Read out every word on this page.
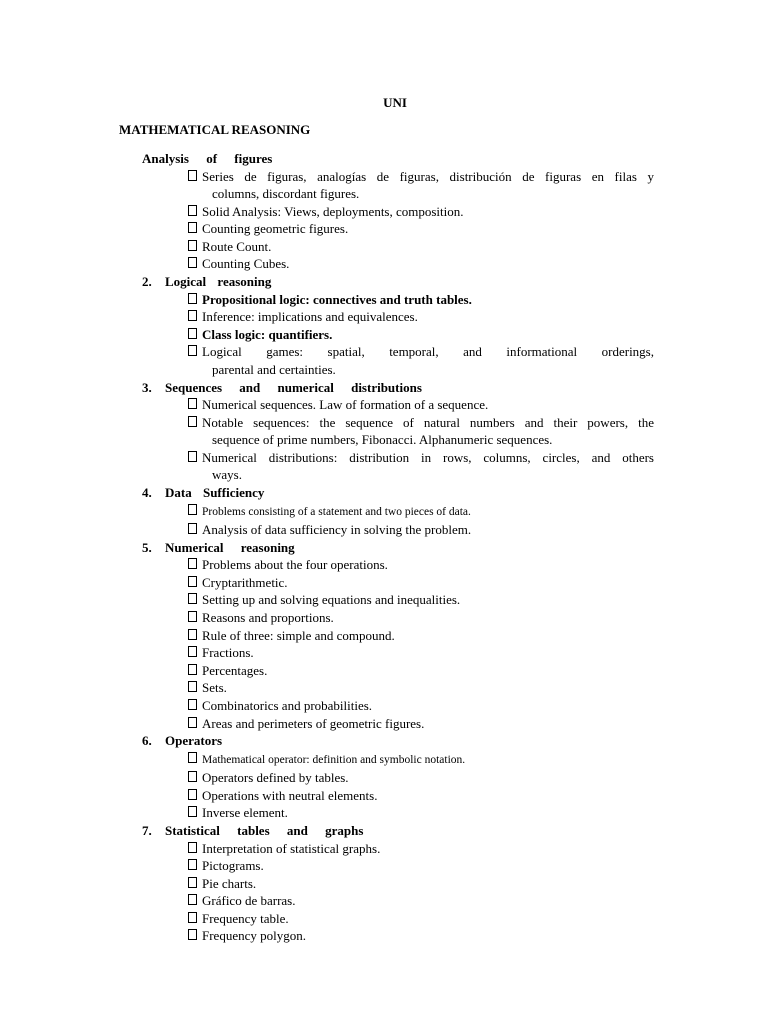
UNI
MATHEMATICAL REASONING
Analysis of figures
Series de figuras, analogías de figuras, distribución de figuras en filas y
columns, discordant figures.
Solid Analysis: Views, deployments, composition.
Counting geometric figures.
Route Count.
Counting Cubes.
2.	Logical reasoning
Propositional logic: connectives and truth tables.
Inference: implications and equivalences.
Class logic: quantifiers.
Logical games: spatial, temporal, and informational orderings,
parental and certainties.
3.	Sequences and numerical distributions
Numerical sequences. Law of formation of a sequence.
Notable sequences: the sequence of natural numbers and their powers, the
sequence of prime numbers, Fibonacci. Alphanumeric sequences.
Numerical distributions: distribution in rows, columns, circles, and others
ways.
4.	Data Sufficiency
Problems consisting of a statement and two pieces of data.
Analysis of data sufficiency in solving the problem.
5.	Numerical reasoning
Problems about the four operations.
Cryptarithmetic.
Setting up and solving equations and inequalities.
Reasons and proportions.
Rule of three: simple and compound.
Fractions.
Percentages.
Sets.
Combinatorics and probabilities.
Areas and perimeters of geometric figures.
6.	Operators
Mathematical operator: definition and symbolic notation.
Operators defined by tables.
Operations with neutral elements.
Inverse element.
7.	Statistical tables and graphs
Interpretation of statistical graphs.
Pictograms.
Pie charts.
Gráfico de barras.
Frequency table.
Frequency polygon.
